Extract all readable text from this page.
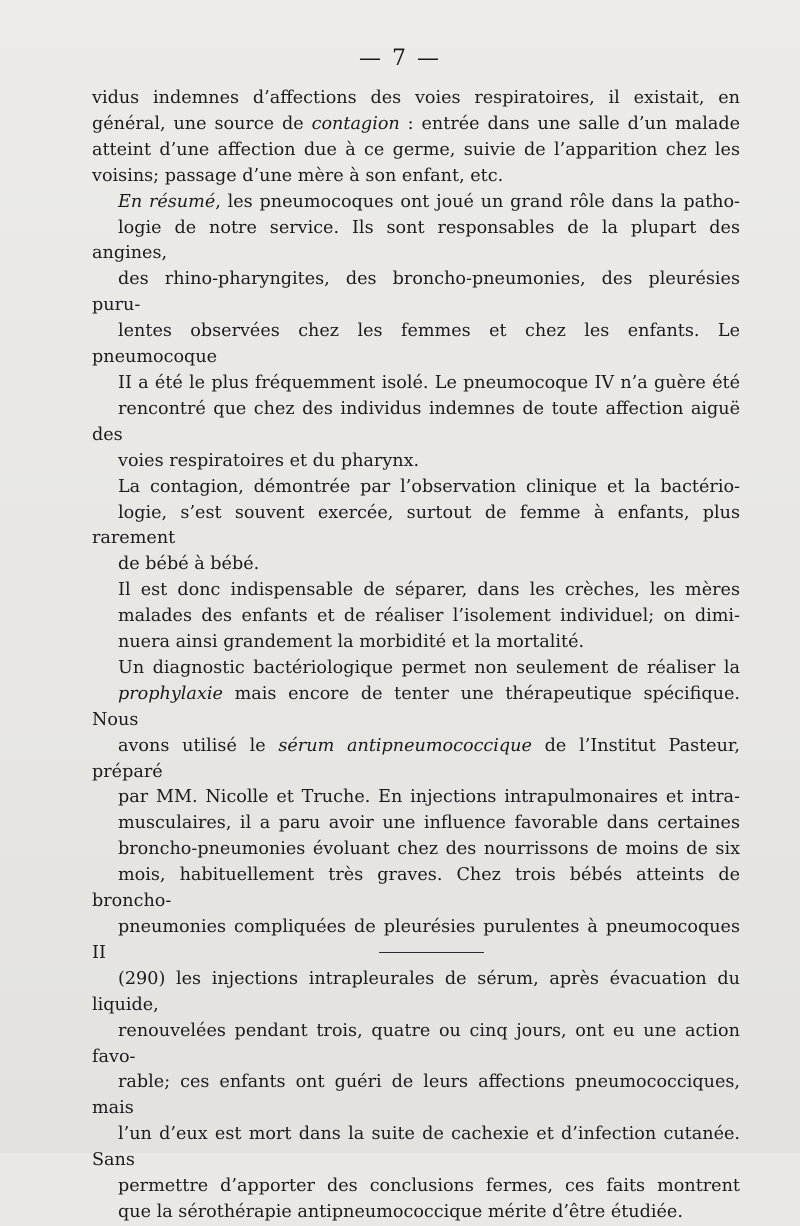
— 7 —

vidus indemnes d’affections des voies respiratoires, il existait, en
général, une source de contagion : entrée dans une salle d’un malade
atteint d’une affection due à ce germe, suivie de l’apparition chez les
voisins; passage d’une mère à son enfant, etc.

En résumé, les pneumocoques ont joué un grand rôle dans la patho-
logie de notre service. Ils sont responsables de la plupart des angines,
des rhino-pharyngites, des broncho-pneumonies, des pleurésies puru-
lentes observées chez les femmes et chez les enfants. Le pneumocoque
II a été le plus fréquemment isolé. Le pneumocoque IV n’a guère été
rencontré que chez des individus indemnes de toute affection aiguë des
voies respiratoires et du pharynx.

La contagion, démontrée par l’observation clinique et la bactério-
logie, s’est souvent exercée, surtout de femme à enfants, plus rarement
de bébé à bébé.

Il est donc indispensable de séparer, dans les crèches, les mères
malades des enfants et de réaliser l’isolement individuel; on dimi-
nuera ainsi grandement la morbidité et la mortalité.

Un diagnostic bactériologique permet non seulement de réaliser la
prophylaxie mais encore de tenter une thérapeutique spécifique. Nous
avons utilisé le sérum antipneumococcique de l’Institut Pasteur, préparé
par MM. Nicolle et Truche. En injections intrapulmonaires et intra-
musculaires, il a paru avoir une influence favorable dans certaines
broncho-pneumonies évoluant chez des nourrissons de moins de six
mois, habituellement très graves. Chez trois bébés atteints de broncho-
pneumonies compliquées de pleurésies purulentes à pneumocoques II
(290) les injections intrapleurales de sérum, après évacuation du liquide,
renouvelées pendant trois, quatre ou cinq jours, ont eu une action favo-
rable; ces enfants ont guéri de leurs affections pneumococciques, mais
l’un d’eux est mort dans la suite de cachexie et d’infection cutanée. Sans
permettre d’apporter des conclusions fermes, ces faits montrent
que la sérothérapie antipneumococcique mérite d’être étudiée.
